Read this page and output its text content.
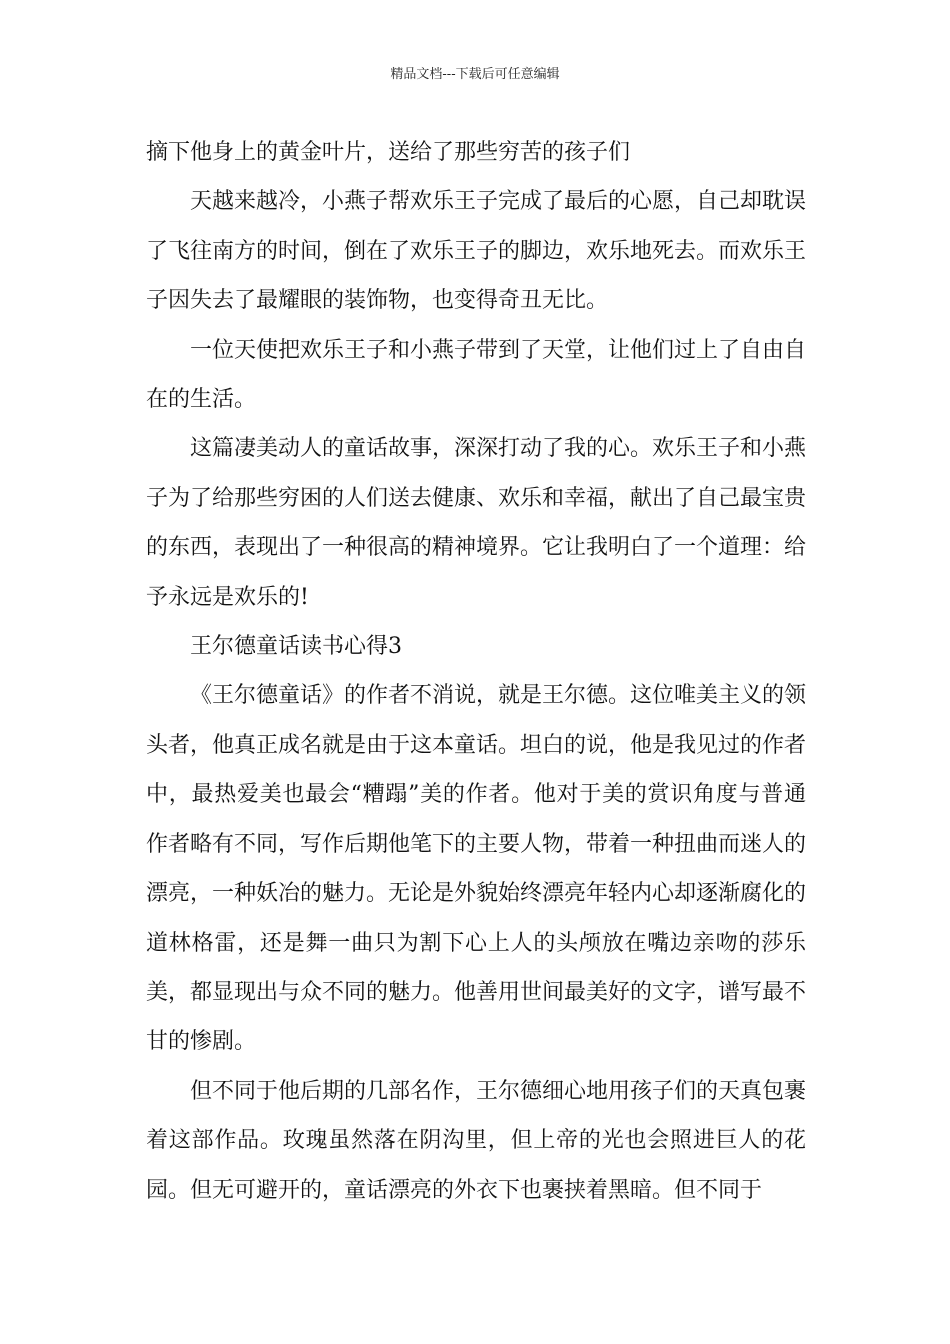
精品文档---下载后可任意编辑

摘下他身上的黄金叶片，送给了那些穷苦的孩子们

天越来越冷，小燕子帮欢乐王子完成了最后的心愿，自己却耽误了飞往南方的时间，倒在了欢乐王子的脚边，欢乐地死去。而欢乐王子因失去了最耀眼的装饰物，也变得奇丑无比。

一位天使把欢乐王子和小燕子带到了天堂，让他们过上了自由自在的生活。

这篇凄美动人的童话故事，深深打动了我的心。欢乐王子和小燕子为了给那些穷困的人们送去健康、欢乐和幸福，献出了自己最宝贵的东西，表现出了一种很高的精神境界。它让我明白了一个道理：给予永远是欢乐的!

王尔德童话读书心得3

《王尔德童话》的作者不消说，就是王尔德。这位唯美主义的领头者，他真正成名就是由于这本童话。坦白的说，他是我见过的作者中，最热爱美也最会“糟蹋”美的作者。他对于美的赏识角度与普通作者略有不同，写作后期他笔下的主要人物，带着一种扭曲而迷人的漂亮，一种妖冶的魅力。无论是外貌始终漂亮年轻内心却逐渐腐化的道林格雷，还是舞一曲只为割下心上人的头颅放在嘴边亲吻的莎乐美，都显现出与众不同的魅力。他善用世间最美好的文字，谱写最不甘的惨剧。

但不同于他后期的几部名作，王尔德细心地用孩子们的天真包裹着这部作品。玫瑰虽然落在阴沟里，但上帝的光也会照进巨人的花园。但无可避开的，童话漂亮的外衣下也裹挟着黑暗。但不同于
